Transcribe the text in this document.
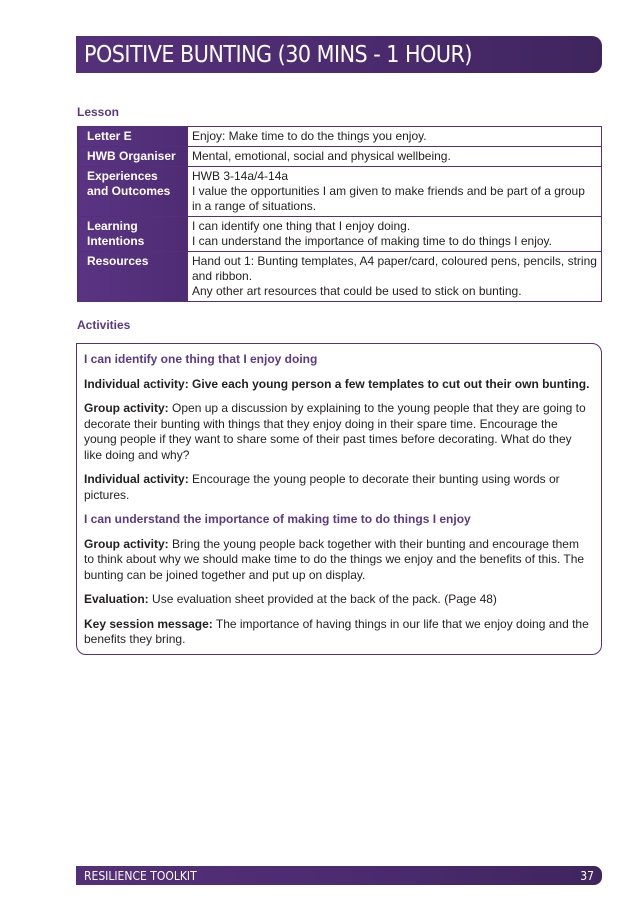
POSITIVE BUNTING (30 MINS - 1 HOUR)
Lesson
Letter E	Enjoy: Make time to do the things you enjoy.

HWB Organiser	Mental, emotional, social and physical wellbeing.

Experiences
and Outcomes	HWB 3-14a/4-14a
I value the opportunities I am given to make friends and be part of a group
in a range of situations.

Learning
Intentions	I can identify one thing that I enjoy doing.
I can understand the importance of making time to do things I enjoy.

Resources	Hand out 1: Bunting templates, A4 paper/card, coloured pens, pencils, string
and ribbon.
Any other art resources that could be used to stick on bunting.
Activities

I can identify one thing that I enjoy doing

Individual activity: Give each young person a few templates to cut out their own bunting.

Group activity: Open up a discussion by explaining to the young people that they are going to decorate their bunting with things that they enjoy doing in their spare time. Encourage the young people if they want to share some of their past times before decorating. What do they like doing and why?

Individual activity: Encourage the young people to decorate their bunting using words or pictures.

I can understand the importance of making time to do things I enjoy

Group activity: Bring the young people back together with their bunting and encourage them to think about why we should make time to do the things we enjoy and the benefits of this. The bunting can be joined together and put up on display.

Evaluation: Use evaluation sheet provided at the back of the pack. (Page 48)

Key session message: The importance of having things in our life that we enjoy doing and the benefits they bring.

RESILIENCE TOOLKIT	37
